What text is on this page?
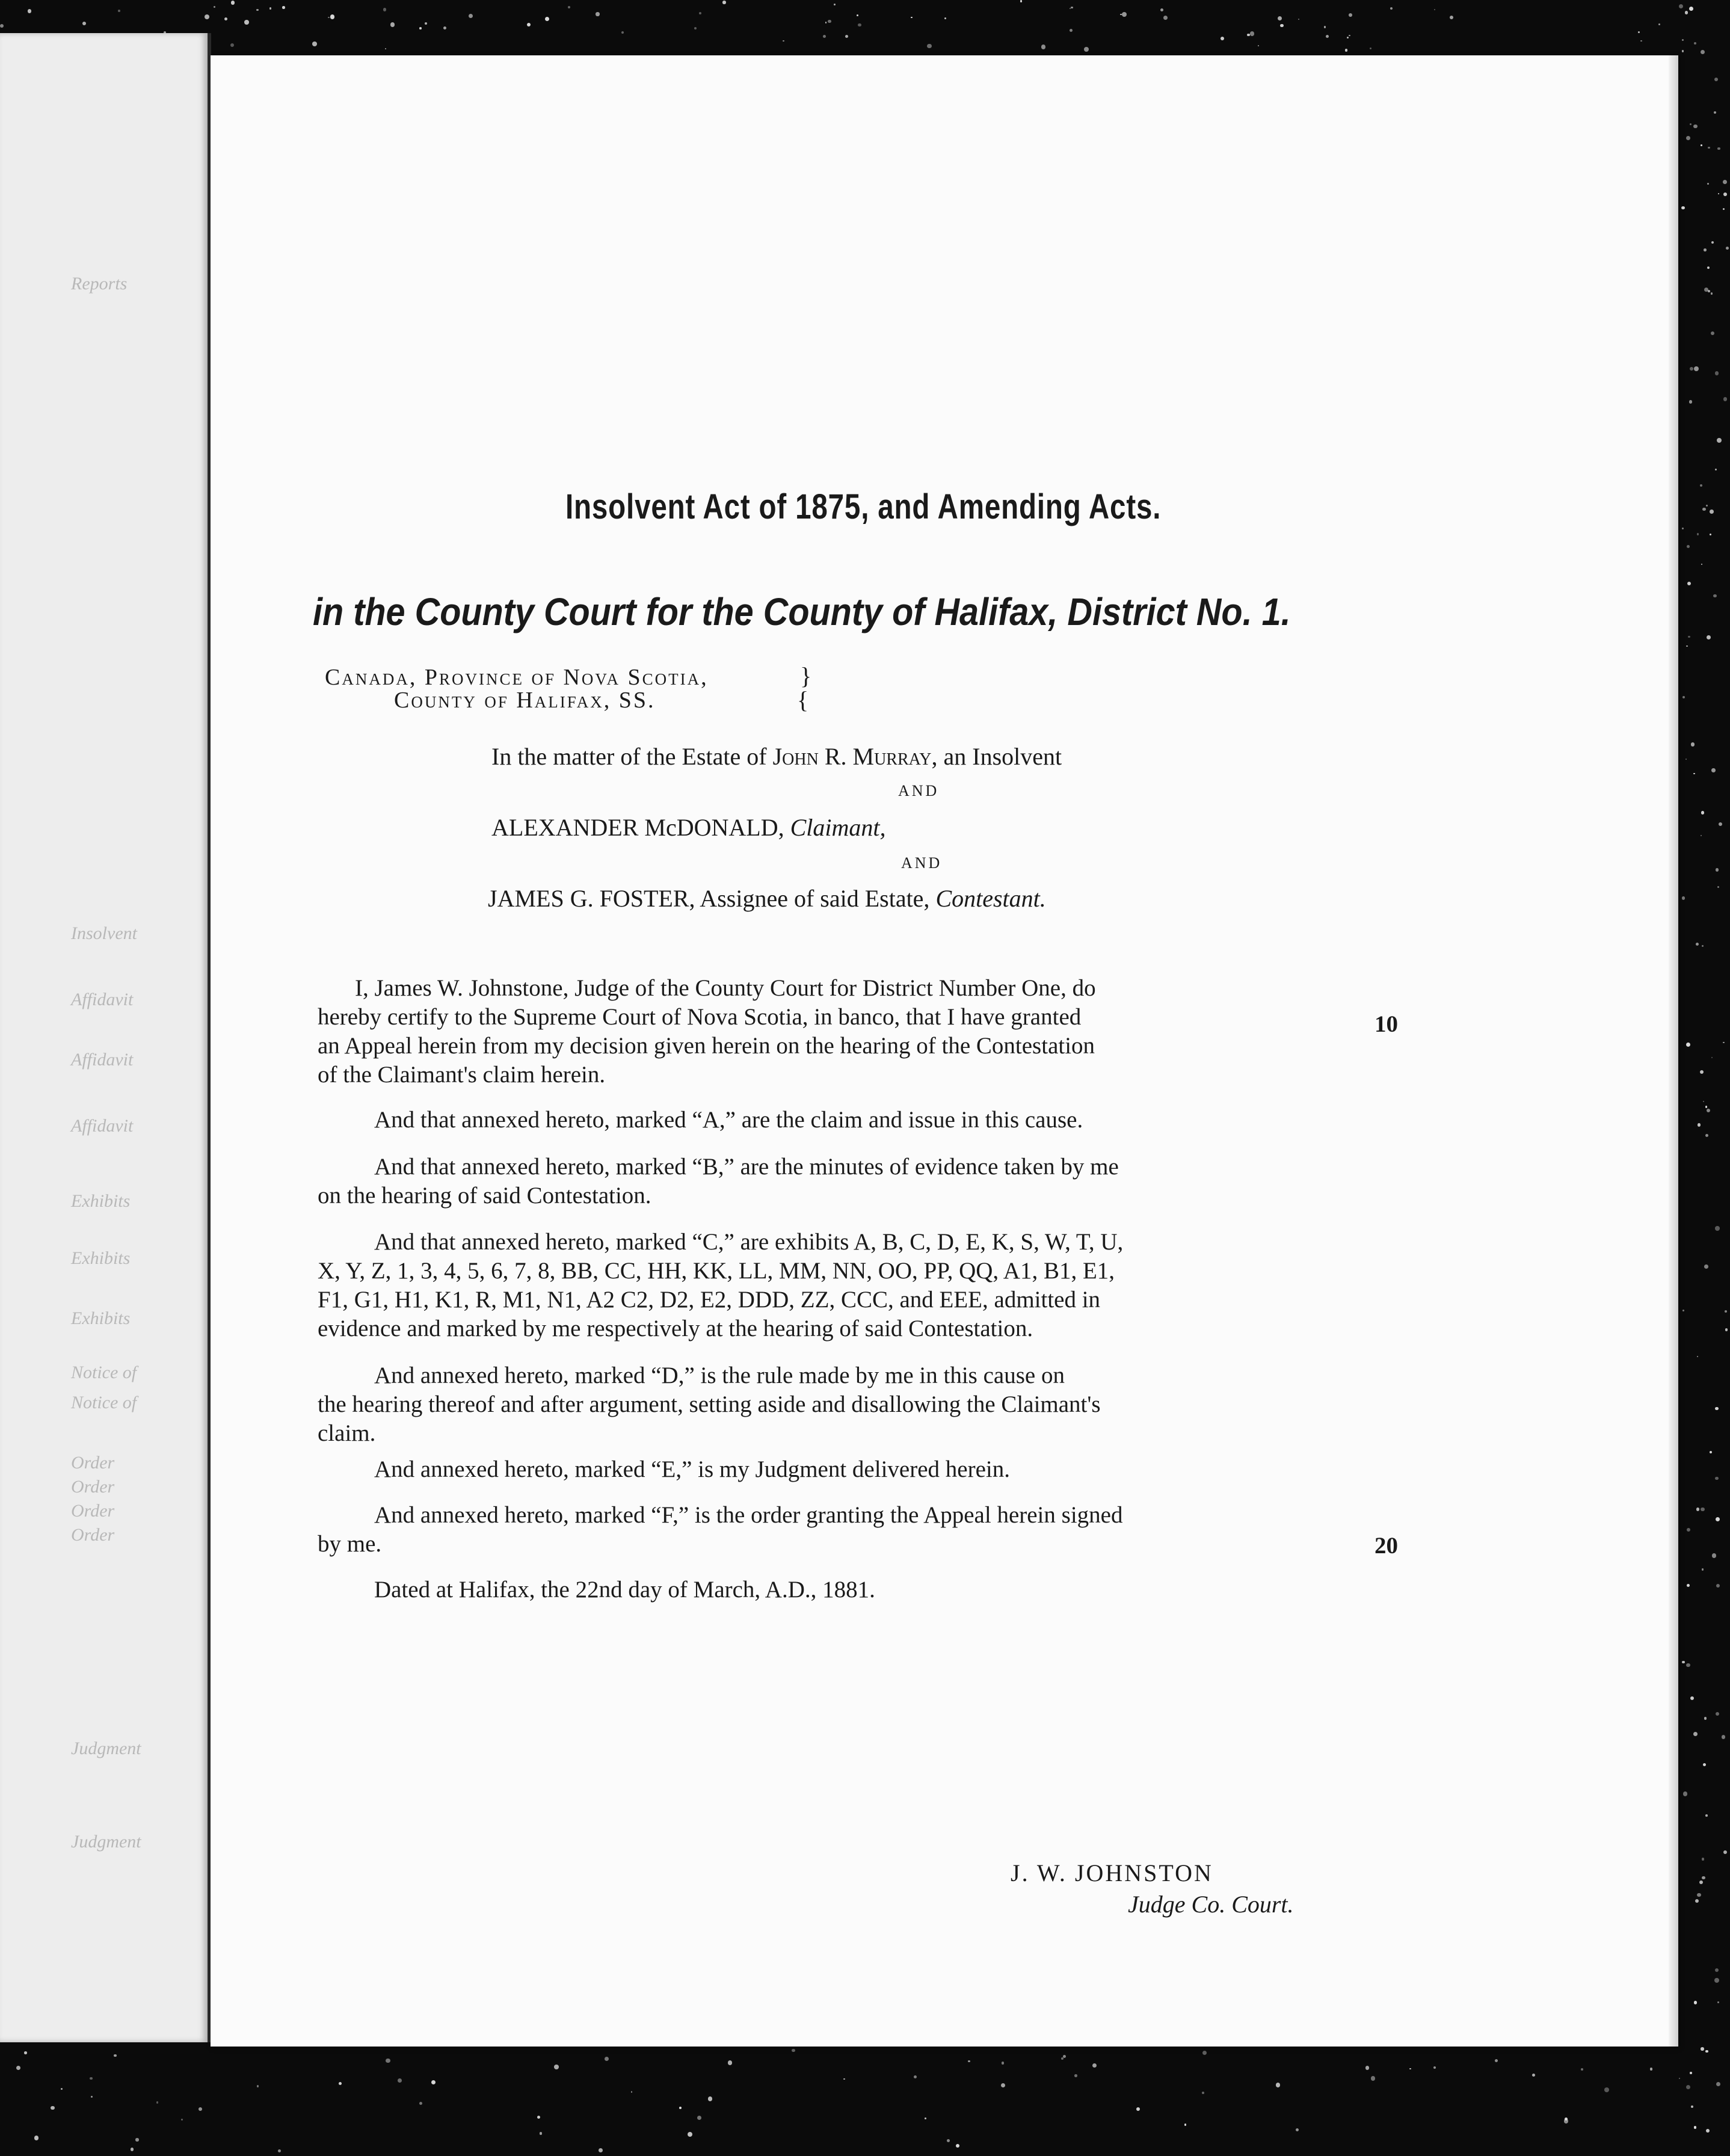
Reports
Insolvent
Affidavit
Affidavit
Affidavit
Exhibits
Exhibits
Exhibits
Notice of
Notice of
Order
Order
Order
Order
Judgment
Judgment
Insolvent Act of 1875, and Amending Acts.
in the County Court for the County of Halifax, District No. 1.
Canada, Province of Nova Scotia,
County of Halifax, SS.
}
{
In the matter of the Estate of John R. Murray, an Insolvent
AND
ALEXANDER McDONALD, Claimant,
AND
JAMES G. FOSTER, Assignee of said Estate, Contestant.
I, James W. Johnstone, Judge of the County Court for District Number One, do
hereby certify to the Supreme Court of Nova Scotia, in banco, that I have granted
an Appeal herein from my decision given herein on the hearing of the Contestation
of the Claimant's claim herein.
And that annexed hereto, marked “A,” are the claim and issue in this cause.
And that annexed hereto, marked “B,” are the minutes of evidence taken by me
on the hearing of said Contestation.
And that annexed hereto, marked “C,” are exhibits A, B, C, D, E, K, S, W, T, U,
X, Y, Z, 1, 3, 4, 5, 6, 7, 8, BB, CC, HH, KK, LL, MM, NN, OO, PP, QQ, A1, B1, E1,
F1, G1, H1, K1, R, M1, N1, A2 C2, D2, E2, DDD, ZZ, CCC, and EEE, admitted in
evidence and marked by me respectively at the hearing of said Contestation.
And annexed hereto, marked “D,” is the rule made by me in this cause on
the hearing thereof and after argument, setting aside and disallowing the Claimant's
claim.
And annexed hereto, marked “E,” is my Judgment delivered herein.
And annexed hereto, marked “F,” is the order granting the Appeal herein signed
by me.
Dated at Halifax, the 22nd day of March, A.D., 1881.
10
20
J. W. JOHNSTON
Judge Co. Court.
